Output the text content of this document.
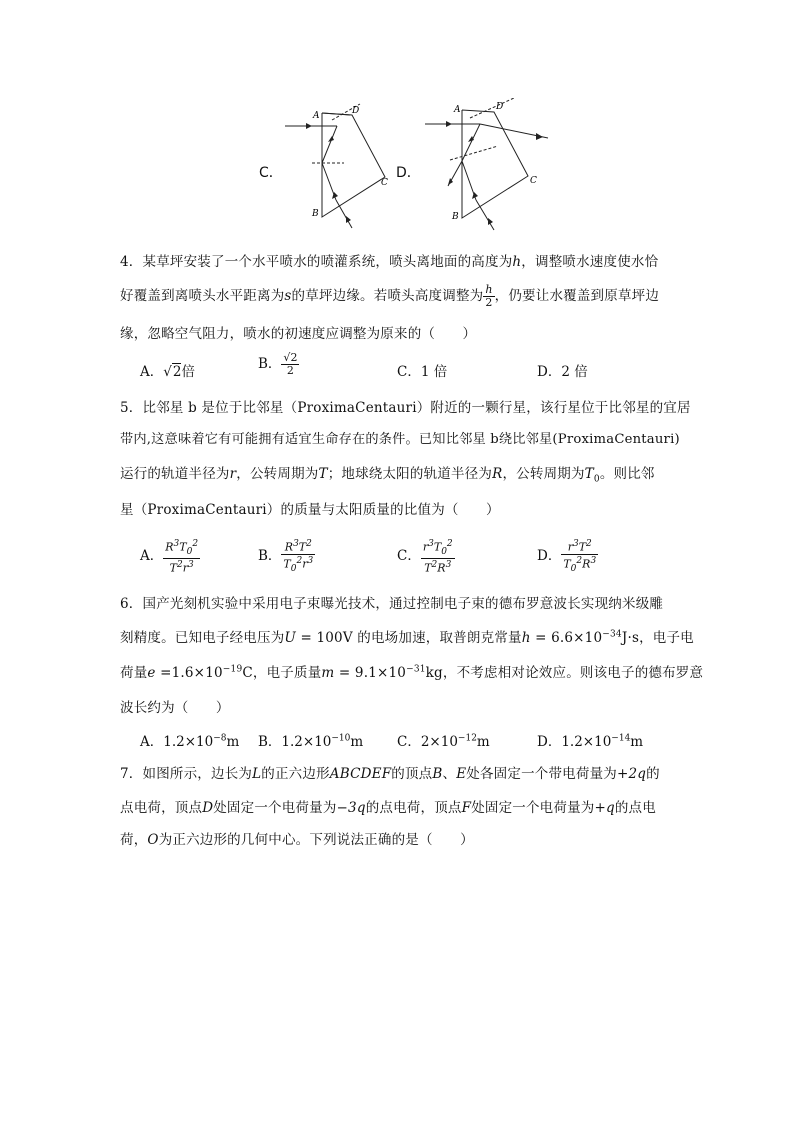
C．
A	D
C
B
D．
A	D
C
B
4．某草坪安装了一个水平喷水的喷灌系统，喷头离地面的高度为h，调整喷水速度使水恰
好覆盖到离喷头水平距离为s的草坪边缘。若喷头高度调整为 $\frac{h}{2}$ ，仍要让水覆盖到原草坪边
缘，忽略空气阻力，喷水的初速度应调整为原来的（　　）
A．√2倍	B． $\frac{√2}{2}$	C．1 倍	D．2 倍
5．比邻星 b 是位于比邻星（ProximaCentauri）附近的一颗行星，该行星位于比邻星的宜居
带内,这意味着它有可能拥有适宜生命存在的条件。已知比邻星 b绕比邻星(ProximaCentauri)
运行的轨道半径为r，公转周期为T；地球绕太阳的轨道半径为R，公转周期为$T_0$。则比邻
星（ProximaCentauri）的质量与太阳质量的比值为（　　）
A． $\frac{R^3T_0^2}{T^2r^3}$	B． $\frac{R^3T^2}{T_0^2r^3}$	C． $\frac{r^3T_0^2}{T^2R^3}$	D． $\frac{r^3T^2}{T_0^2R^3}$
6．国产光刻机实验中采用电子束曝光技术，通过控制电子束的德布罗意波长实现纳米级雕
刻精度。已知电子经电压为U = 100V 的电场加速，取普朗克常量$h = 6.6\times 10^{-34}J\cdot s$，电子电
荷量$e =1.6\times 10^{-19}C$，电子质量$m = 9.1\times 10^{-31}kg$，不考虑相对论效应。则该电子的德布罗意
波长约为（　　）
A．$1.2\times 10^{-8}m$ B．$1.2\times 10^{-10}m$	C．$2\times 10^{-12}m$	D．$1.2\times 10^{-14}m$
7．如图所示，边长为L的正六边形ABCDEF的顶点B、E处各固定一个带电荷量为+2q的
点电荷，顶点D处固定一个电荷量为−3q的点电荷，顶点F处固定一个电荷量为+q的点电
荷，O为正六边形的几何中心。下列说法正确的是（　　）
